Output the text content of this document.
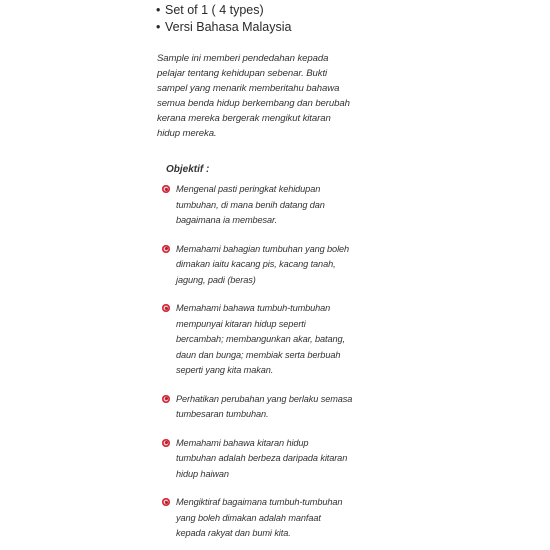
• Set of 1 ( 4 types)
• Versi Bahasa Malaysia
Sample ini memberi pendedahan kepada
pelajar tentang kehidupan sebenar. Bukti
sampel yang menarik memberitahu bahawa
semua benda hidup berkembang dan berubah
kerana mereka bergerak mengikut kitaran
hidup mereka.
Objektif :
Mengenal pasti peringkat kehidupan
tumbuhan, di mana benih datang dan
bagaimana ia membesar.
Memahami bahagian tumbuhan yang boleh
dimakan iaitu kacang pis, kacang tanah,
jagung, padi (beras)
Memahami bahawa tumbuh-tumbuhan
mempunyai kitaran hidup seperti
bercambah; membangunkan akar, batang,
daun dan bunga; membiak serta berbuah
seperti yang kita makan.
Perhatikan perubahan yang berlaku semasa
tumbesaran tumbuhan.
Memahami bahawa kitaran hidup
tumbuhan adalah berbeza daripada kitaran
hidup haiwan
Mengiktiraf bagaimana tumbuh-tumbuhan
yang boleh dimakan adalah manfaat
kepada rakyat dan bumi kita.
